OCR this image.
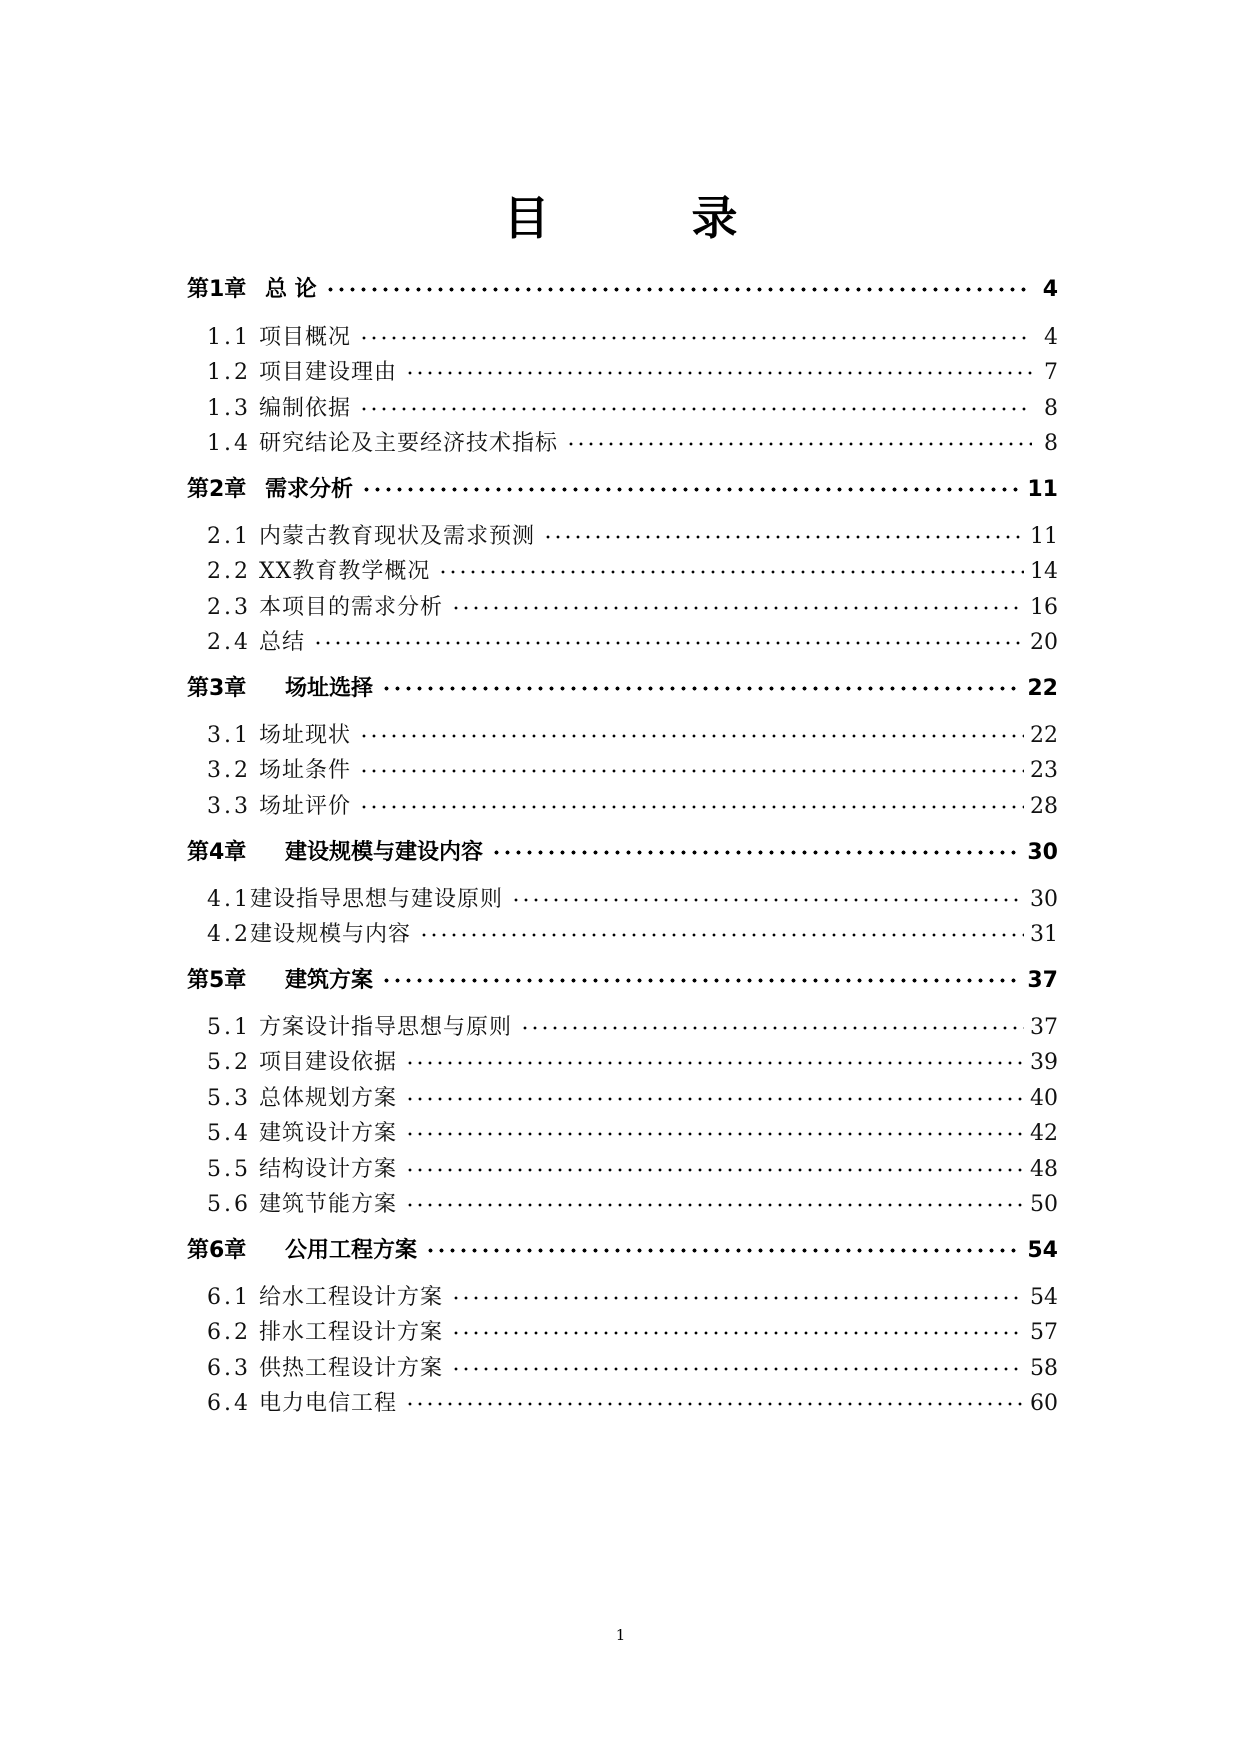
目　录
第1章 总 论	4
1.1 项目概况	4
1.2 项目建设理由	7
1.3 编制依据	8
1.4 研究结论及主要经济技术指标	8
第2章 需求分析	11
2.1 内蒙古教育现状及需求预测	11
2.2 XX教育教学概况	14
2.3 本项目的需求分析	16
2.4 总结	20
第3章	场址选择	22
3.1 场址现状	22
3.2 场址条件	23
3.3 场址评价	28
第4章	建设规模与建设内容	30
4.1 建设指导思想与建设原则	30
4.2 建设规模与内容	31
第5章	建筑方案	37
5.1 方案设计指导思想与原则	37
5.2 项目建设依据	39
5.3 总体规划方案	40
5.4 建筑设计方案	42
5.5 结构设计方案	48
5.6 建筑节能方案	50
第6章	公用工程方案	54
6.1 给水工程设计方案	54
6.2 排水工程设计方案	57
6.3 供热工程设计方案	58
6.4 电力电信工程	60
1
